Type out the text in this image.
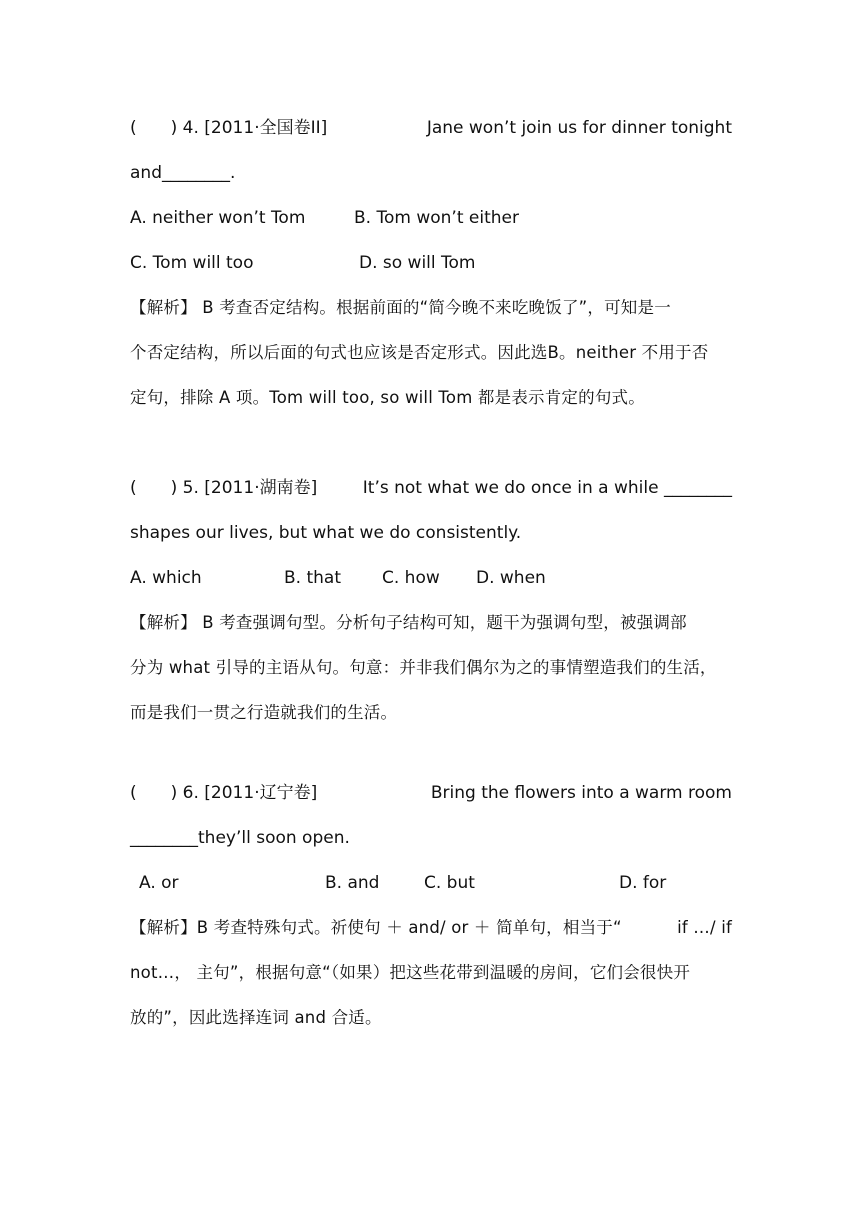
(　　) 4. [2011·全国卷II]	Jane won’t join us for dinner tonight
and________.
A. neither won’t Tom	B. Tom won’t either
C. Tom will too	D. so will Tom
【解析】 B 考查否定结构。根据前面的“简今晚不来吃晚饭了”，可知是一
个否定结构，所以后面的句式也应该是否定形式。因此选B。neither 不用于否
定句，排除 A 项。Tom will too, so will Tom 都是表示肯定的句式。
(　　) 5. [2011·湖南卷]	It’s not what we do once in a while ________
shapes our lives, but what we do consistently.
A. which	B. that C. how D. when
【解析】 B 考查强调句型。分析句子结构可知，题干为强调句型，被强调部
分为 what 引导的主语从句。句意：并非我们偶尔为之的事情塑造我们的生活，
而是我们一贯之行造就我们的生活。
(　　) 6. [2011·辽宁卷]	Bring the flowers into a warm room
________they’ll soon open.
A. or	B. and	C. but	D. for
【解析】B 考查特殊句式。祈使句 ＋ and/ or ＋ 简单句，相当于“	if …/ if
not…， 主句”，根据句意“（如果）把这些花带到温暖的房间，它们会很快开
放的”，因此选择连词 and 合适。
